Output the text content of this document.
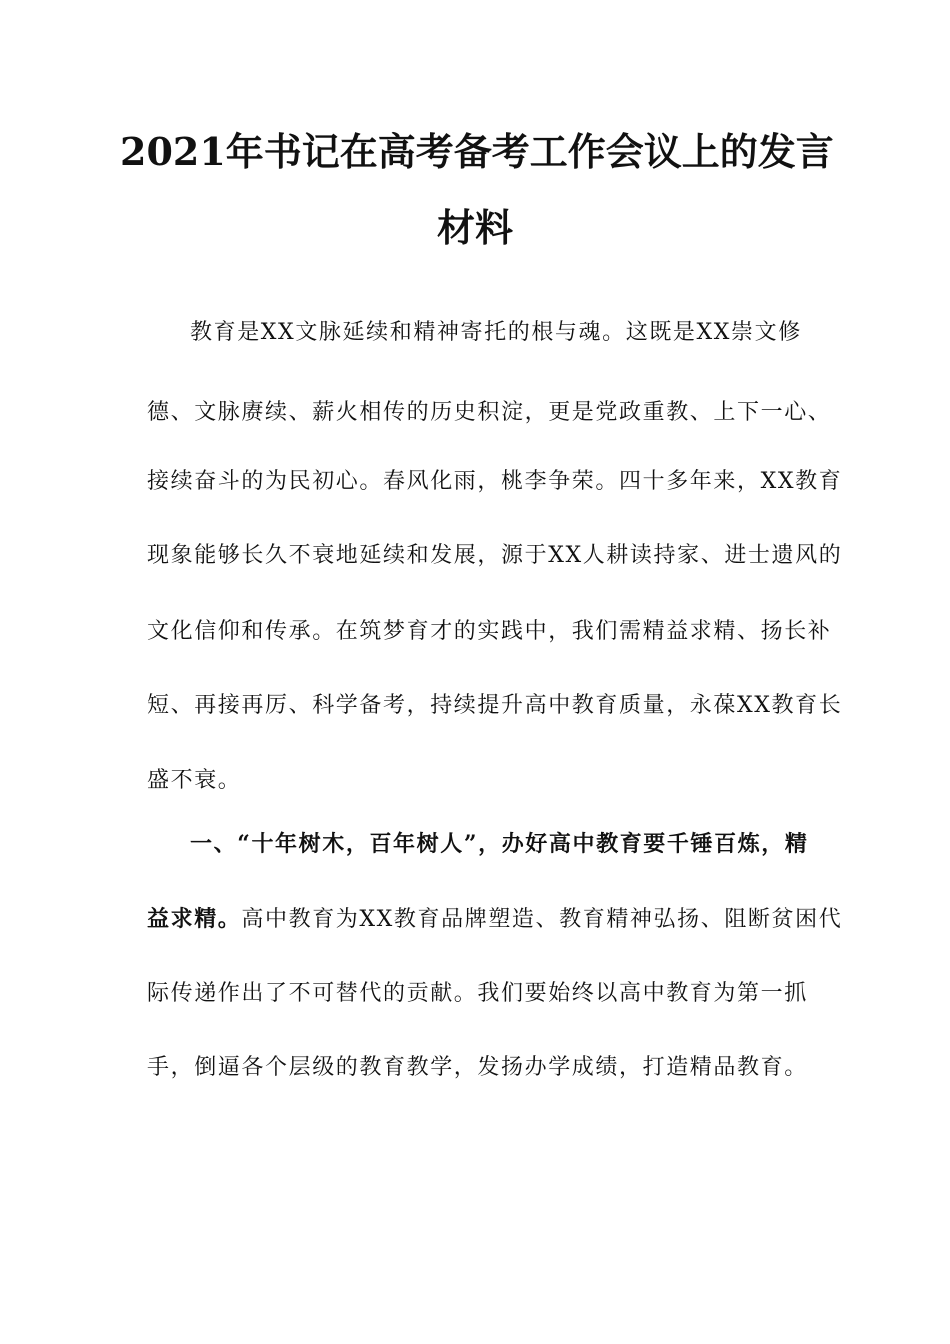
2021年书记在高考备考工作会议上的发言
材料
教育是XX文脉延续和精神寄托的根与魂。这既是XX崇文修
德、文脉赓续、薪火相传的历史积淀，更是党政重教、上下一心、
接续奋斗的为民初心。春风化雨，桃李争荣。四十多年来，XX教育
现象能够长久不衰地延续和发展，源于XX人耕读持家、进士遗风的
文化信仰和传承。在筑梦育才的实践中，我们需精益求精、扬长补
短、再接再厉、科学备考，持续提升高中教育质量，永葆XX教育长
盛不衰。
一、“十年树木，百年树人”，办好高中教育要千锤百炼，精
益求精。高中教育为XX教育品牌塑造、教育精神弘扬、阻断贫困代
际传递作出了不可替代的贡献。我们要始终以高中教育为第一抓
手，倒逼各个层级的教育教学，发扬办学成绩，打造精品教育。
